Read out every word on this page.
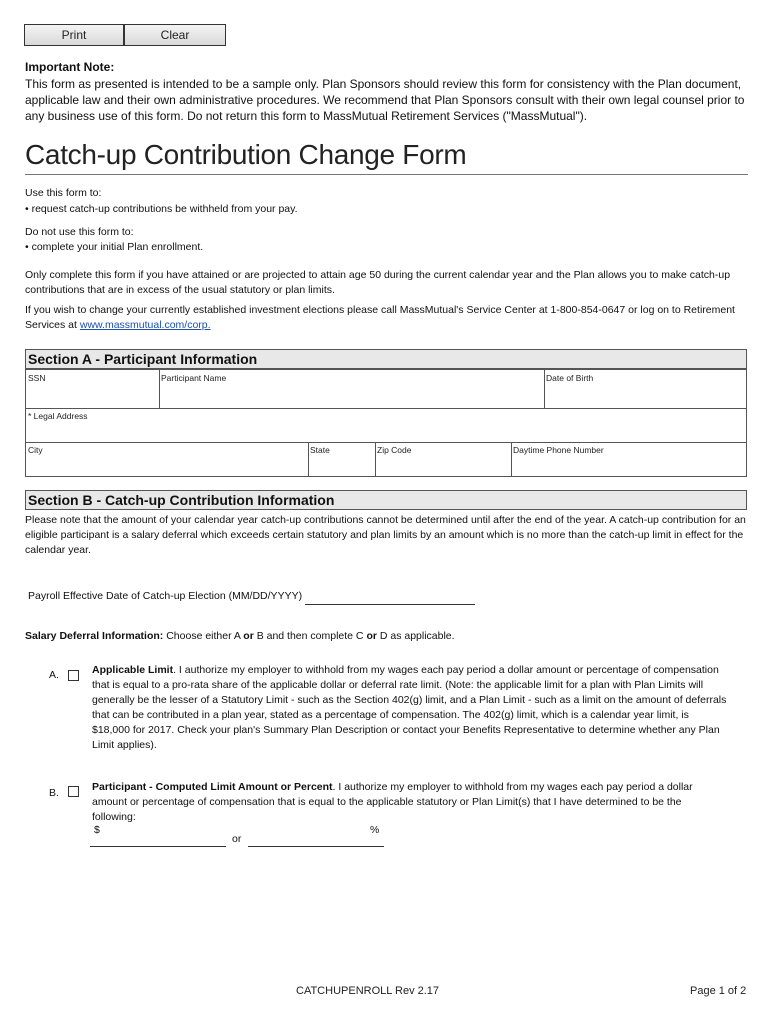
Print	Clear
Important Note:
This form as presented is intended to be a sample only. Plan Sponsors should review this form for consistency with the Plan document, applicable law and their own administrative procedures. We recommend that Plan Sponsors consult with their own legal counsel prior to any business use of this form. Do not return this form to MassMutual Retirement Services ("MassMutual").
Catch-up Contribution Change Form
Use this form to:
• request catch-up contributions be withheld from your pay.
Do not use this form to:
• complete your initial Plan enrollment.
Only complete this form if you have attained or are projected to attain age 50 during the current calendar year and the Plan allows you to make catch-up contributions that are in excess of the usual statutory or plan limits.
If you wish to change your currently established investment elections please call MassMutual's Service Center at 1-800-854-0647 or log on to Retirement Services at www.massmutual.com/corp.
Section A - Participant Information
SSN	Participant Name	Date of Birth
* Legal Address
City	State	Zip Code	Daytime Phone Number
Section B - Catch-up Contribution Information
Please note that the amount of your calendar year catch-up contributions cannot be determined until after the end of the year. A catch-up contribution for an eligible participant is a salary deferral which exceeds certain statutory and plan limits by an amount which is no more than the catch-up limit in effect for the calendar year.
Payroll Effective Date of Catch-up Election (MM/DD/YYYY)
Salary Deferral Information: Choose either A or B and then complete C or D as applicable.
A.	Applicable Limit. I authorize my employer to withhold from my wages each pay period a dollar amount or percentage of compensation that is equal to a pro-rata share of the applicable dollar or deferral rate limit. (Note: the applicable limit for a plan with Plan Limits will generally be the lesser of a Statutory Limit - such as the Section 402(g) limit, and a Plan Limit - such as a limit on the amount of deferrals that can be contributed in a plan year, stated as a percentage of compensation. The 402(g) limit, which is a calendar year limit, is $18,000 for 2017. Check your plan's Summary Plan Description or contact your Benefits Representative to determine whether any Plan Limit applies).
B.	Participant - Computed Limit Amount or Percent. I authorize my employer to withhold from my wages each pay period a dollar amount or percentage of compensation that is equal to the applicable statutory or Plan Limit(s) that I have determined to be the following:
$
or
%
CATCHUPENROLL Rev 2.17	Page 1 of 2
